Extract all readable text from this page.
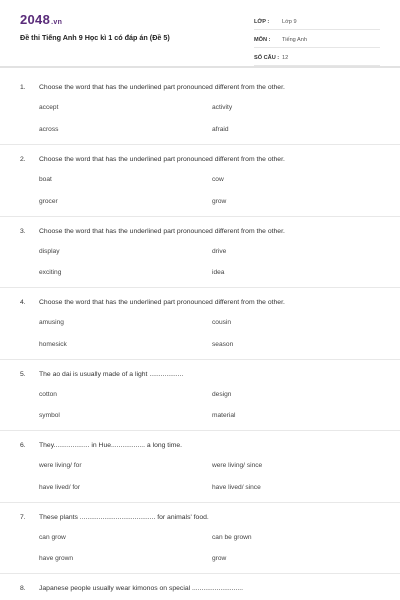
2048.vn
Đề thi Tiếng Anh 9 Học kì 1 có đáp án (Đề 5)
LỚP :	Lớp 9
MÔN :	Tiếng Anh
SỐ CÂU : 12
1. Choose the word that has the underlined part pronounced different from the other.
accept	activity
across	afraid
2. Choose the word that has the underlined part pronounced different from the other.
boat	cow
grocer	grow
3. Choose the word that has the underlined part pronounced different from the other.
display	drive
exciting	idea
4. Choose the word that has the underlined part pronounced different from the other.
amusing	cousin
homesick	season
5. The ao dai is usually made of a light ..................
cotton	design
symbol	material
6. They................... in Hue.................. a long time.
were living/ for	were living/ since
have lived/ for	have lived/ since
7. These plants ........................................ for animals' food.
can grow	can be grown
have grown	grow
8. Japanese people usually wear kimonos on special ...........................
